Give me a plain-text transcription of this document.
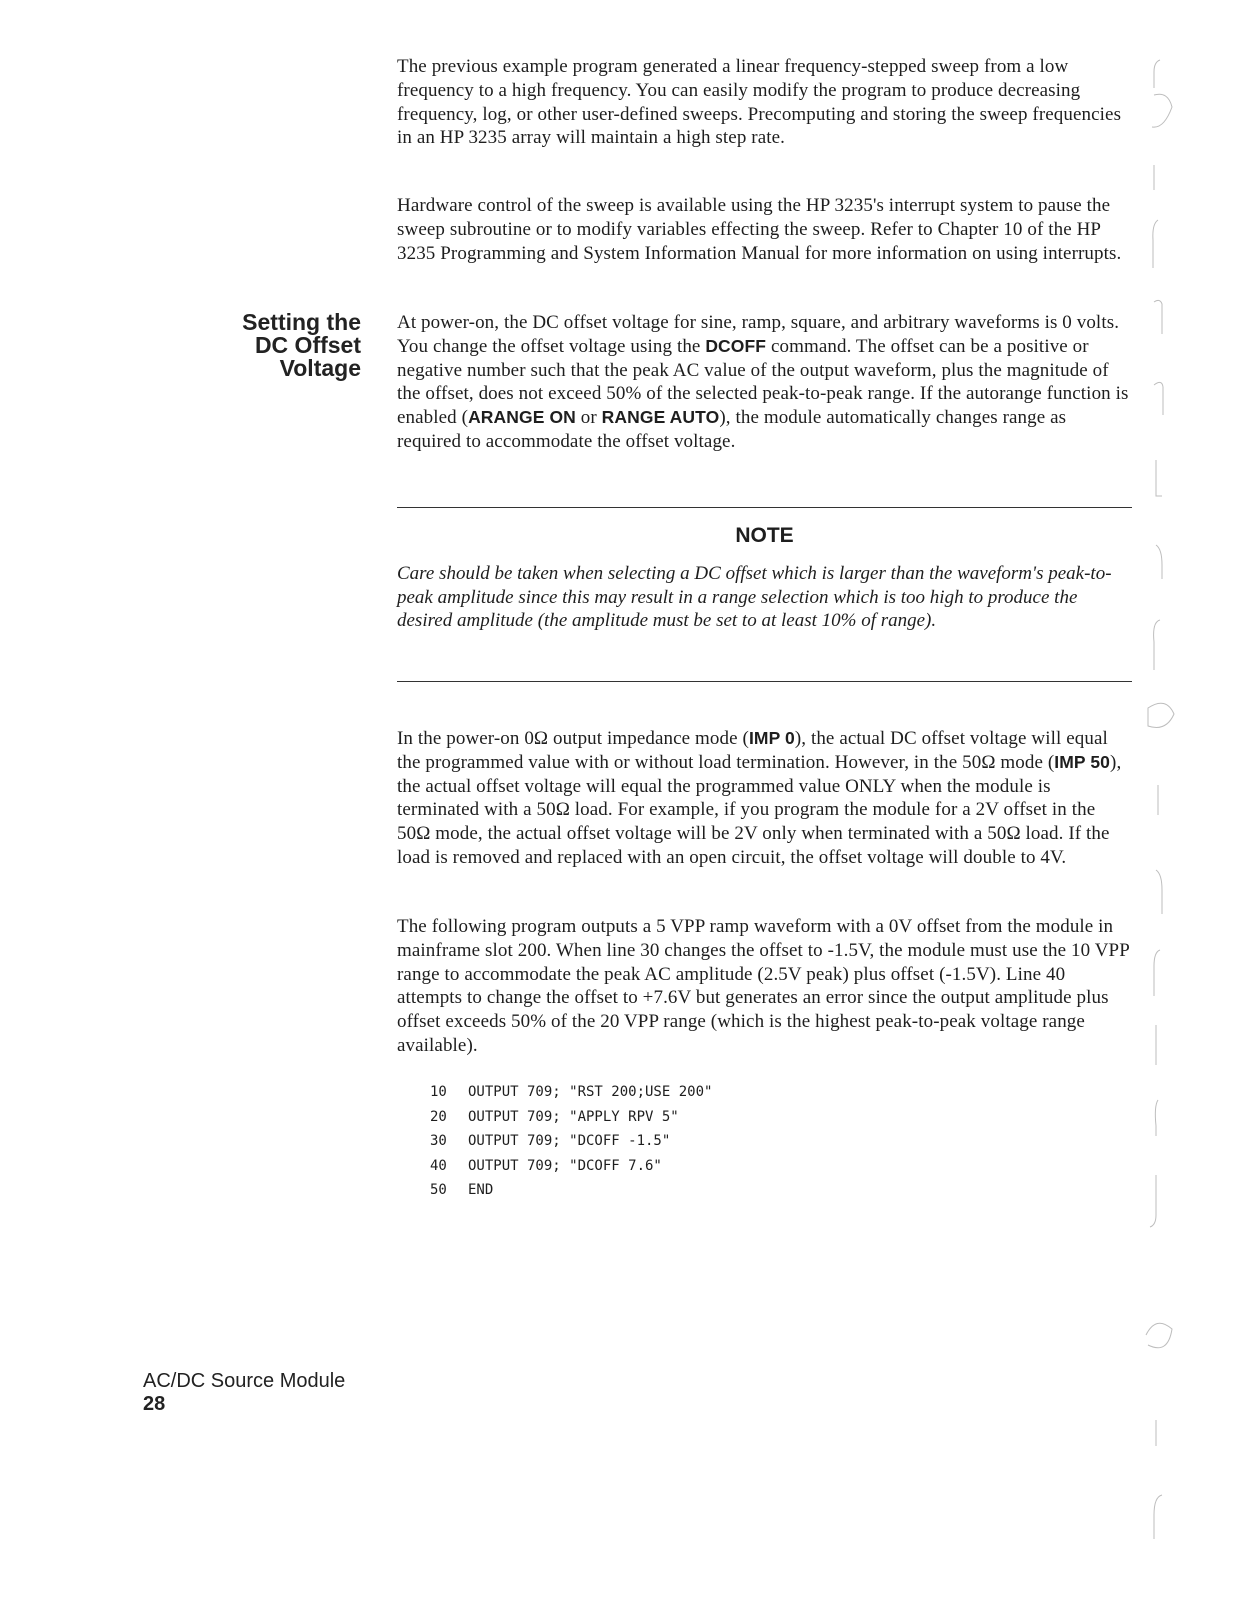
The previous example program generated a linear frequency-stepped sweep from a low frequency to a high frequency. You can easily modify the program to produce decreasing frequency, log, or other user-defined sweeps. Precomputing and storing the sweep frequencies in an HP 3235 array will maintain a high step rate.

Hardware control of the sweep is available using the HP 3235's interrupt system to pause the sweep subroutine or to modify variables effecting the sweep. Refer to Chapter 10 of the HP 3235 Programming and System Information Manual for more information on using interrupts.

Setting the
DC Offset
Voltage

At power-on, the DC offset voltage for sine, ramp, square, and arbitrary waveforms is 0 volts. You change the offset voltage using the DCOFF command. The offset can be a positive or negative number such that the peak AC value of the output waveform, plus the magnitude of the offset, does not exceed 50% of the selected peak-to-peak range. If the autorange function is enabled (ARANGE ON or RANGE AUTO), the module automatically changes range as required to accommodate the offset voltage.

NOTE

Care should be taken when selecting a DC offset which is larger than the waveform's peak-to-peak amplitude since this may result in a range selection which is too high to produce the desired amplitude (the amplitude must be set to at least 10% of range).

In the power-on 0Ω output impedance mode (IMP 0), the actual DC offset voltage will equal the programmed value with or without load termination. However, in the 50Ω mode (IMP 50), the actual offset voltage will equal the programmed value ONLY when the module is terminated with a 50Ω load. For example, if you program the module for a 2V offset in the 50Ω mode, the actual offset voltage will be 2V only when terminated with a 50Ω load. If the load is removed and replaced with an open circuit, the offset voltage will double to 4V.

The following program outputs a 5 VPP ramp waveform with a 0V offset from the module in mainframe slot 200. When line 30 changes the offset to -1.5V, the module must use the 10 VPP range to accommodate the peak AC amplitude (2.5V peak) plus offset (-1.5V). Line 40 attempts to change the offset to +7.6V but generates an error since the output amplitude plus offset exceeds 50% of the 20 VPP range (which is the highest peak-to-peak voltage range available).

10 OUTPUT 709; "RST 200;USE 200"
20 OUTPUT 709; "APPLY RPV 5"
30 OUTPUT 709; "DCOFF -1.5"
40 OUTPUT 709; "DCOFF 7.6"
50 END
AC/DC Source Module
28
